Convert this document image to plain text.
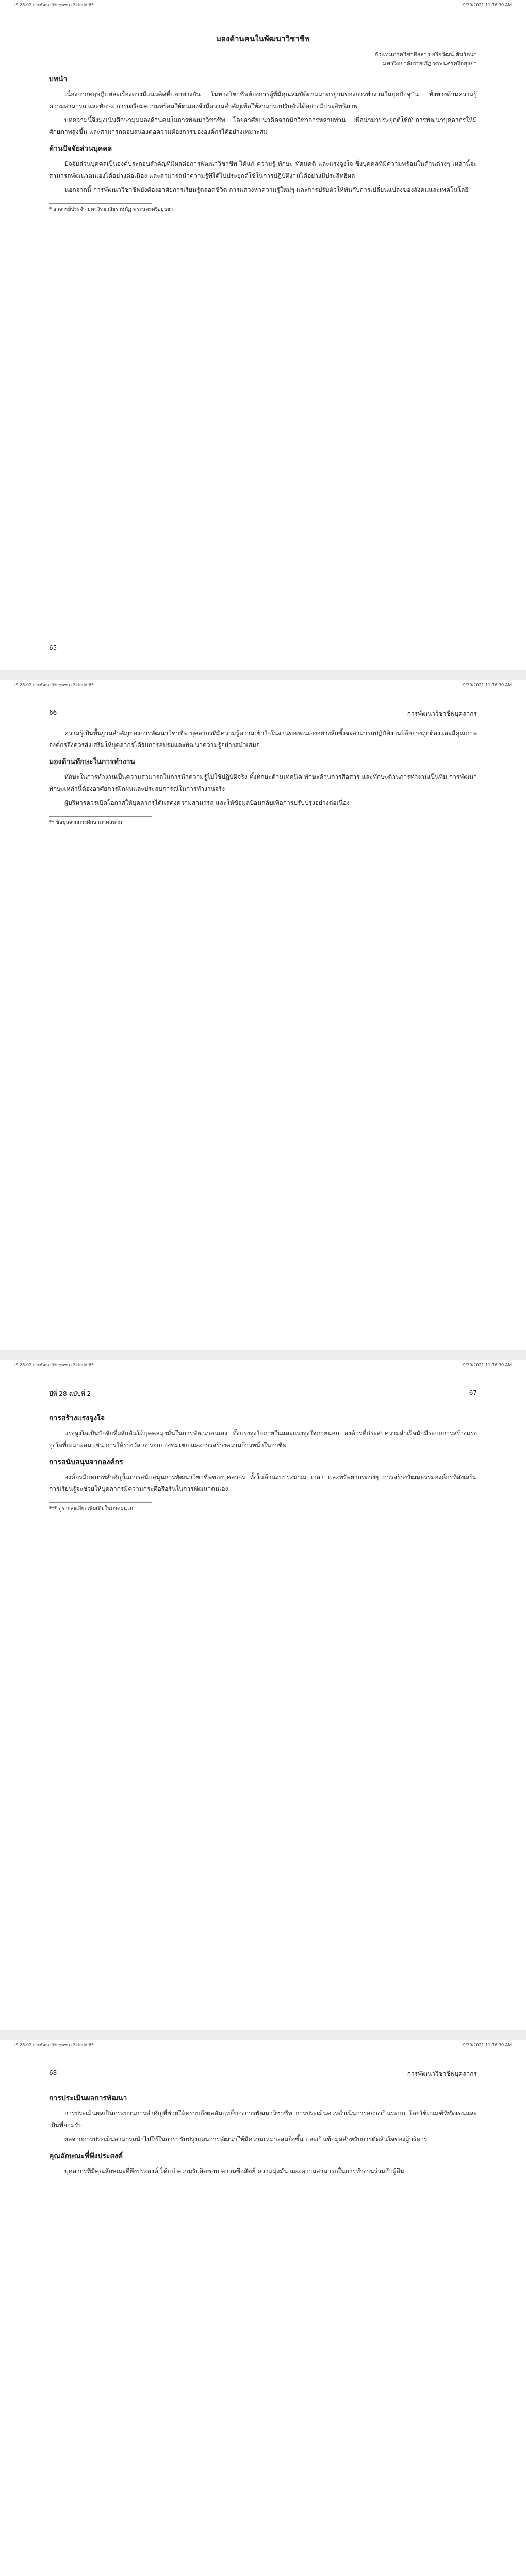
IS 28-02 การพัฒนาวิจัยชุมชน (2).indd 65	9/20/2021 11:16:30 AM
มองด้านคนในพัฒนาวิชาชีพ
ตัวแทนภาควิชาสื่อสาร อริยวัฒน์ ตันรัตนา
มหาวิทยาลัยราชภัฏ พระนครศรีอยุธยา
บทนำ

เนื่องจากทฤษฎีแต่ละเรื่องต่างมีแนวคิดที่แตกต่างกัน ในทางวิชาชีพต้องการผู้ที่มีคุณสมบัติตามมาตรฐานของการทำงานในยุคปัจจุบัน ทั้งทางด้านความรู้ ความสามารถ และทักษะ การเตรียมความพร้อมให้ตนเองจึงมีความสำคัญเพื่อให้สามารถปรับตัวได้อย่างมีประสิทธิภาพ

บทความนี้จึงมุ่งเน้นศึกษามุมมองด้านคนในการพัฒนาวิชาชีพ โดยอาศัยแนวคิดจากนักวิชาการหลายท่าน เพื่อนำมาประยุกต์ใช้กับการพัฒนาบุคลากรให้มีศักยภาพสูงขึ้น และสามารถตอบสนองต่อความต้องการขององค์กรได้อย่างเหมาะสม

ด้านปัจจัยส่วนบุคคล

ปัจจัยส่วนบุคคลเป็นองค์ประกอบสำคัญที่มีผลต่อการพัฒนาวิชาชีพ ได้แก่ ความรู้ ทักษะ ทัศนคติ และแรงจูงใจ ซึ่งบุคคลที่มีความพร้อมในด้านต่างๆ เหล่านี้จะสามารถพัฒนาตนเองได้อย่างต่อเนื่อง และสามารถนำความรู้ที่ได้ไปประยุกต์ใช้ในการปฏิบัติงานได้อย่างมีประสิทธิผล

นอกจากนี้ การพัฒนาวิชาชีพยังต้องอาศัยการเรียนรู้ตลอดชีวิต การแสวงหาความรู้ใหม่ๆ และการปรับตัวให้ทันกับการเปลี่ยนแปลงของสังคมและเทคโนโลยี

* อาจารย์ประจำ มหาวิทยาลัยราชภัฏ พระนครศรีอยุธยา
65
IS 28-02 การพัฒนาวิจัยชุมชน (2).indd 65	9/20/2021 11:16:30 AM
66	การพัฒนาวิชาชีพบุคลากร

ความรู้เป็นพื้นฐานสำคัญของการพัฒนาวิชาชีพ บุคลากรที่มีความรู้ความเข้าใจในงานของตนเองอย่างลึกซึ้งจะสามารถปฏิบัติงานได้อย่างถูกต้องและมีคุณภาพ องค์กรจึงควรส่งเสริมให้บุคลากรได้รับการอบรมและพัฒนาความรู้อย่างสม่ำเสมอ

มองด้านทักษะในการทำงาน

ทักษะในการทำงานเป็นความสามารถในการนำความรู้ไปใช้ปฏิบัติจริง ทั้งทักษะด้านเทคนิค ทักษะด้านการสื่อสาร และทักษะด้านการทำงานเป็นทีม การพัฒนาทักษะเหล่านี้ต้องอาศัยการฝึกฝนและประสบการณ์ในการทำงานจริง

ผู้บริหารควรเปิดโอกาสให้บุคลากรได้แสดงความสามารถ และให้ข้อมูลป้อนกลับเพื่อการปรับปรุงอย่างต่อเนื่อง

** ข้อมูลจากการศึกษาภาคสนาม
IS 28-02 การพัฒนาวิจัยชุมชน (2).indd 65	9/20/2021 11:16:30 AM
ปีที่ 28 ฉบับที่ 2	67
การสร้างแรงจูงใจ

แรงจูงใจเป็นปัจจัยที่ผลักดันให้บุคคลมุ่งมั่นในการพัฒนาตนเอง ทั้งแรงจูงใจภายในและแรงจูงใจภายนอก องค์กรที่ประสบความสำเร็จมักมีระบบการสร้างแรงจูงใจที่เหมาะสม เช่น การให้รางวัล การยกย่องชมเชย และการสร้างความก้าวหน้าในอาชีพ

การสนับสนุนจากองค์กร

องค์กรมีบทบาทสำคัญในการสนับสนุนการพัฒนาวิชาชีพของบุคลากร ทั้งในด้านงบประมาณ เวลา และทรัพยากรต่างๆ การสร้างวัฒนธรรมองค์กรที่ส่งเสริมการเรียนรู้จะช่วยให้บุคลากรมีความกระตือรือร้นในการพัฒนาตนเอง

*** ดูรายละเอียดเพิ่มเติมในภาคผนวก
IS 28-02 การพัฒนาวิจัยชุมชน (2).indd 65	9/20/2021 11:16:30 AM
68	การพัฒนาวิชาชีพบุคลากร
การประเมินผลการพัฒนา

การประเมินผลเป็นกระบวนการสำคัญที่ช่วยให้ทราบถึงผลสัมฤทธิ์ของการพัฒนาวิชาชีพ การประเมินควรดำเนินการอย่างเป็นระบบ โดยใช้เกณฑ์ที่ชัดเจนและเป็นที่ยอมรับ

ผลจากการประเมินสามารถนำไปใช้ในการปรับปรุงแผนการพัฒนาให้มีความเหมาะสมยิ่งขึ้น และเป็นข้อมูลสำหรับการตัดสินใจของผู้บริหาร

คุณลักษณะที่พึงประสงค์

บุคลากรที่มีคุณลักษณะที่พึงประสงค์ ได้แก่ ความรับผิดชอบ ความซื่อสัตย์ ความมุ่งมั่น และความสามารถในการทำงานร่วมกับผู้อื่น
